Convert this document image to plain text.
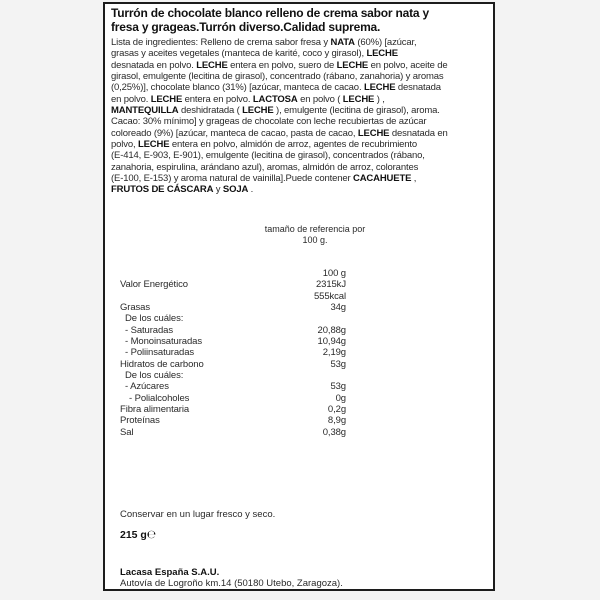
Turrón de chocolate blanco relleno de crema sabor nata y
fresa y grageas.Turrón diverso.Calidad suprema.
Lista de ingredientes: Relleno de crema sabor fresa y NATA (60%) [azúcar,
grasas y aceites vegetales (manteca de karité, coco y girasol), LECHE
desnatada en polvo. LECHE entera en polvo, suero de LECHE en polvo, aceite de
girasol, emulgente (lecitina de girasol), concentrado (rábano, zanahoria) y aromas
(0,25%)], chocolate blanco (31%) [azúcar, manteca de cacao. LECHE desnatada
en polvo. LECHE entera en polvo. LACTOSA en polvo ( LECHE ) ,
MANTEQUILLA deshidratada ( LECHE ), emulgente (lecitina de girasol), aroma.
Cacao: 30% mínimo] y grageas de chocolate con leche recubiertas de azúcar
coloreado (9%) [azúcar, manteca de cacao, pasta de cacao, LECHE desnatada en
polvo, LECHE entera en polvo, almidón de arroz, agentes de recubrimiento
(E-414, E-903, E-901), emulgente (lecitina de girasol), concentrados (rábano,
zanahoria, espirulina, arándano azul), aromas, almidón de arroz, colorantes
(E-100, E-153) y aroma natural de vainilla].Puede contener CACAHUETE ,
FRUTOS DE CÁSCARA y SOJA .
tamaño de referencia por
100 g.
100 g
Valor Energético	2315kJ
555kcal
Grasas	34g
De los cuáles:
- Saturadas	20,88g
- Monoinsaturadas	10,94g
- Poliinsaturadas	2,19g
Hidratos de carbono	53g
De los cuáles:
- Azúcares	53g
- Polialcoholes	0g
Fibra alimentaria	0,2g
Proteínas	8,9g
Sal	0,38g
Conservar en un lugar fresco y seco.
215 g℮
Lacasa España S.A.U.
Autovía de Logroño km.14 (50180 Utebo, Zaragoza).
